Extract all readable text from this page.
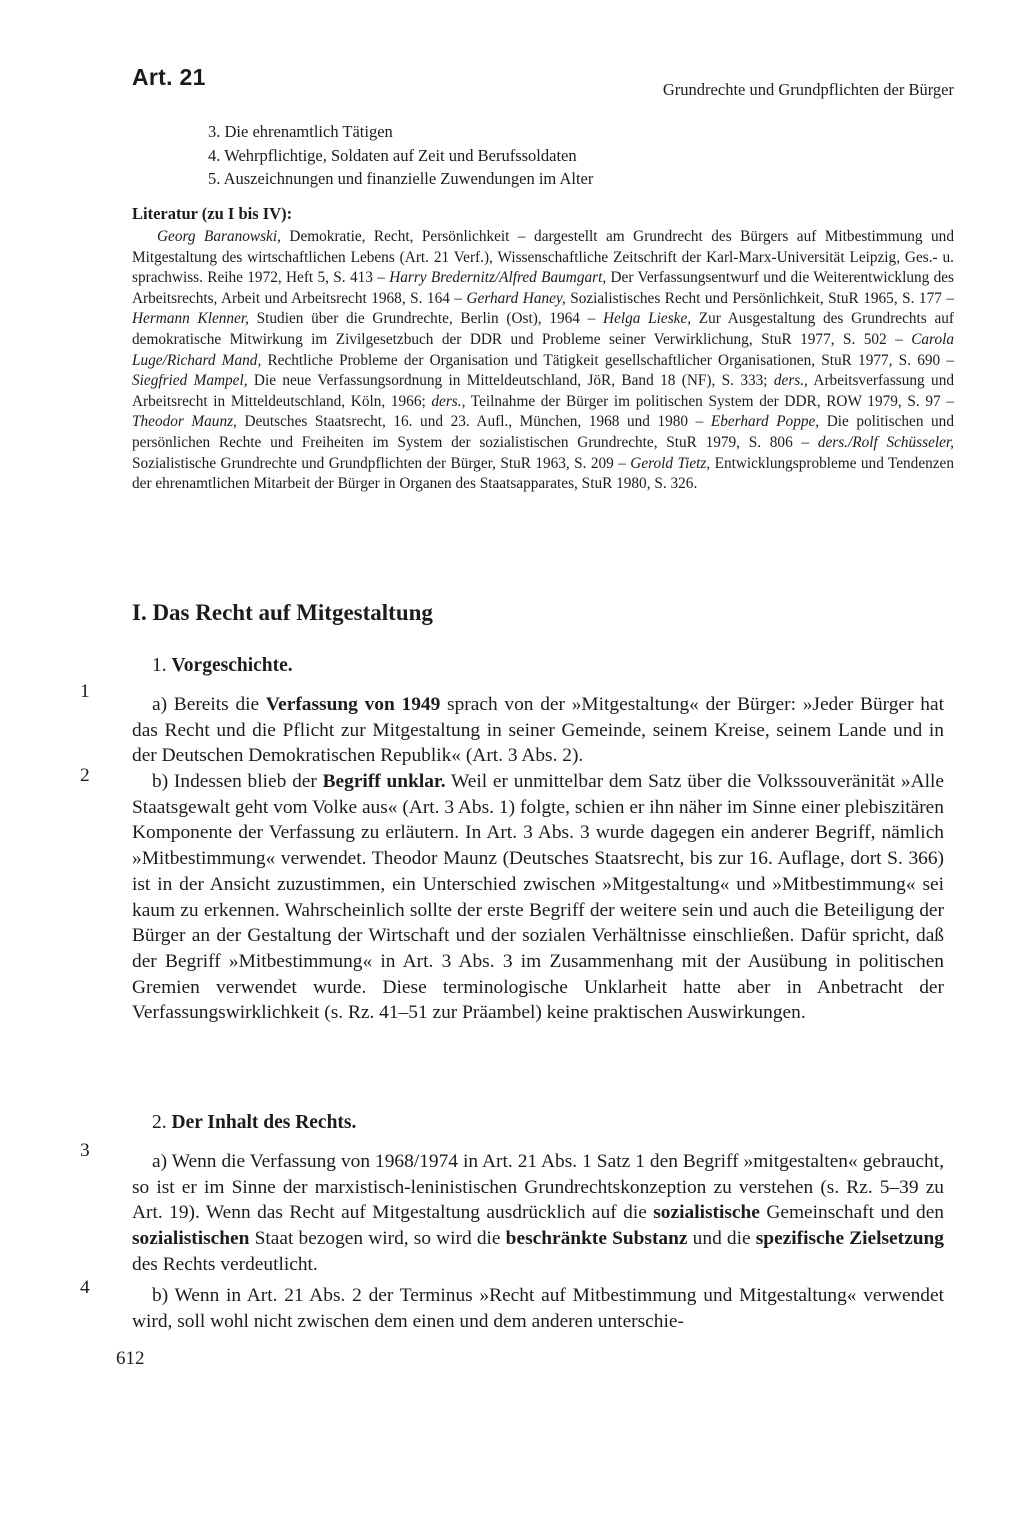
Art. 21	Grundrechte und Grundpflichten der Bürger
3. Die ehrenamtlich Tätigen
4. Wehrpflichtige, Soldaten auf Zeit und Berufssoldaten
5. Auszeichnungen und finanzielle Zuwendungen im Alter
Literatur (zu I bis IV):

Georg Baranowski, Demokratie, Recht, Persönlichkeit – dargestellt am Grundrecht des Bürgers auf Mitbestimmung und Mitgestaltung des wirtschaftlichen Lebens (Art. 21 Verf.), Wissenschaftliche Zeitschrift der Karl-Marx-Universität Leipzig, Ges.- u. sprachwiss. Reihe 1972, Heft 5, S. 413 – Harry Bredernitz/Alfred Baumgart, Der Verfassungsentwurf und die Weiterentwicklung des Arbeitsrechts, Arbeit und Arbeitsrecht 1968, S. 164 – Gerhard Haney, Sozialistisches Recht und Persönlichkeit, StuR 1965, S. 177 – Hermann Klenner, Studien über die Grundrechte, Berlin (Ost), 1964 – Helga Lieske, Zur Ausgestaltung des Grundrechts auf demokratische Mitwirkung im Zivilgesetzbuch der DDR und Probleme seiner Verwirklichung, StuR 1977, S. 502 – Carola Luge/Richard Mand, Rechtliche Probleme der Organisation und Tätigkeit gesellschaftlicher Organisationen, StuR 1977, S. 690 – Siegfried Mampel, Die neue Verfassungsordnung in Mitteldeutschland, JöR, Band 18 (NF), S. 333; ders., Arbeitsverfassung und Arbeitsrecht in Mitteldeutschland, Köln, 1966; ders., Teilnahme der Bürger im politischen System der DDR, ROW 1979, S. 97 – Theodor Maunz, Deutsches Staatsrecht, 16. und 23. Aufl., München, 1968 und 1980 – Eberhard Poppe, Die politischen und persönlichen Rechte und Freiheiten im System der sozialistischen Grundrechte, StuR 1979, S. 806 – ders./Rolf Schüsseler, Sozialistische Grundrechte und Grundpflichten der Bürger, StuR 1963, S. 209 – Gerold Tietz, Entwicklungsprobleme und Tendenzen der ehrenamtlichen Mitarbeit der Bürger in Organen des Staatsapparates, StuR 1980, S. 326.

I. Das Recht auf Mitgestaltung
1. Vorgeschichte.
1

a) Bereits die Verfassung von 1949 sprach von der »Mitgestaltung« der Bürger: »Jeder Bürger hat das Recht und die Pflicht zur Mitgestaltung in seiner Gemeinde, seinem Kreise, seinem Lande und in der Deutschen Demokratischen Republik« (Art. 3 Abs. 2).

2	b) Indessen blieb der Begriff unklar. Weil er unmittelbar dem Satz über die Volkssouveränität »Alle Staatsgewalt geht vom Volke aus« (Art. 3 Abs. 1) folgte, schien er ihn näher im Sinne einer plebiszitären Komponente der Verfassung zu erläutern. In Art. 3 Abs. 3 wurde dagegen ein anderer Begriff, nämlich »Mitbestimmung« verwendet. Theodor Maunz (Deutsches Staatsrecht, bis zur 16. Auflage, dort S. 366) ist in der Ansicht zuzustimmen, ein Unterschied zwischen »Mitgestaltung« und »Mitbestimmung« sei kaum zu erkennen. Wahrscheinlich sollte der erste Begriff der weitere sein und auch die Beteiligung der Bürger an der Gestaltung der Wirtschaft und der sozialen Verhältnisse einschließen. Dafür spricht, daß der Begriff »Mitbestimmung« in Art. 3 Abs. 3 im Zusammenhang mit der Ausübung in politischen Gremien verwendet wurde. Diese terminologische Unklarheit hatte aber in Anbetracht der Verfassungswirklichkeit (s. Rz. 41–51 zur Präambel) keine praktischen Auswirkungen.

2. Der Inhalt des Rechts.
3

a) Wenn die Verfassung von 1968/1974 in Art. 21 Abs. 1 Satz 1 den Begriff »mitgestalten« gebraucht, so ist er im Sinne der marxistisch-leninistischen Grundrechtskonzeption zu verstehen (s. Rz. 5–39 zu Art. 19). Wenn das Recht auf Mitgestaltung ausdrücklich auf die sozialistische Gemeinschaft und den sozialistischen Staat bezogen wird, so wird die beschränkte Substanz und die spezifische Zielsetzung des Rechts verdeutlicht.

4	b) Wenn in Art. 21 Abs. 2 der Terminus »Recht auf Mitbestimmung und Mitgestaltung« verwendet wird, soll wohl nicht zwischen dem einen und dem anderen unterschie-

612
